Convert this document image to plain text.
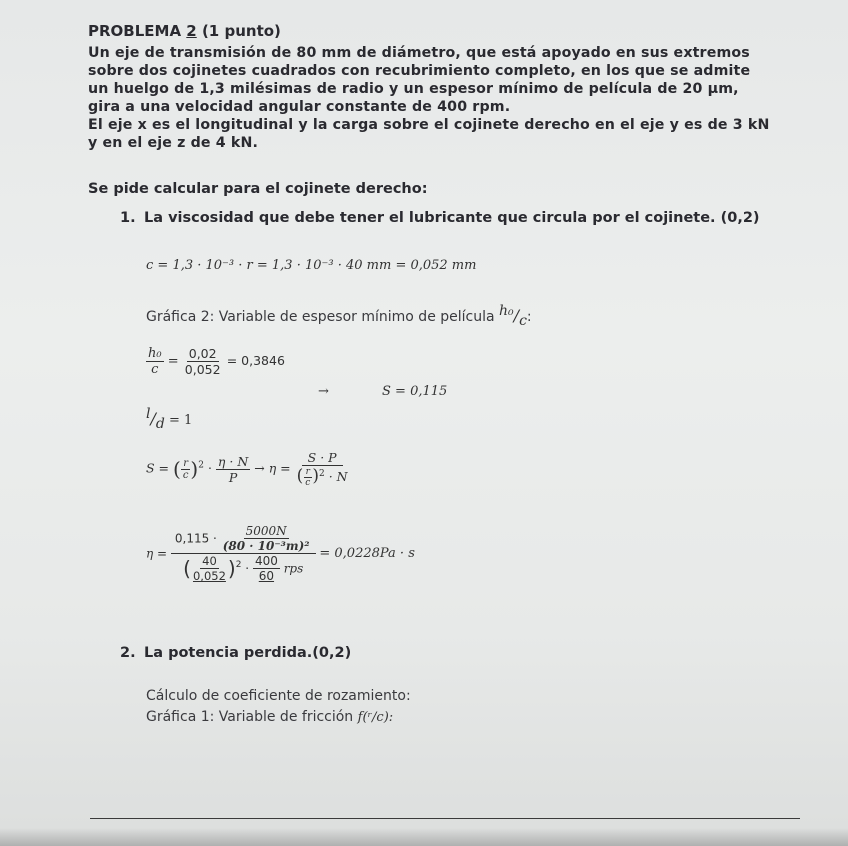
PROBLEMA 2 (1 punto)
Un eje de transmisión de 80 mm de diámetro, que está apoyado en sus extremos
sobre dos cojinetes cuadrados con recubrimiento completo, en los que se admite
un huelgo de 1,3 milésimas de radio y un espesor mínimo de película de 20 µm,
gira a una velocidad angular constante de 400 rpm.
El eje x es el longitudinal y la carga sobre el cojinete derecho en el eje y es de 3 kN
y en el eje z de 4 kN.
Se pide calcular para el cojinete derecho:
1. La viscosidad que debe tener el lubricante que circula por el cojinete. (0,2)
c = 1,3 · 10⁻³ · r = 1,3 · 10⁻³ · 40 mm = 0,052 mm
Gráfica 2: Variable de espesor mínimo de película h₀/c:
$\frac{\text{h₀}}{c} = \frac{0,02}{0,052} = 0,3846$
→	S = 0,115
l/d = 1
S = ( $\frac{r}{c} )^2 \cdot \frac{\eta \cdot N}{P} \to \eta = \frac{S \cdot P}{( \frac{r}{c} )^2 \cdot N}$
$\eta = \frac{0,115 \cdot \frac{5000N}{\text{(80 · 10⁻³m)²}}}{( \frac{40}{0,052} )^2 \cdot \frac{400}{60} rps} = 0,0228Pa \cdot s$
2. La potencia perdida.(0,2)
Cálculo de coeficiente de rozamiento:
Gráfica 1: Variable de fricción f(ʳ/c):
